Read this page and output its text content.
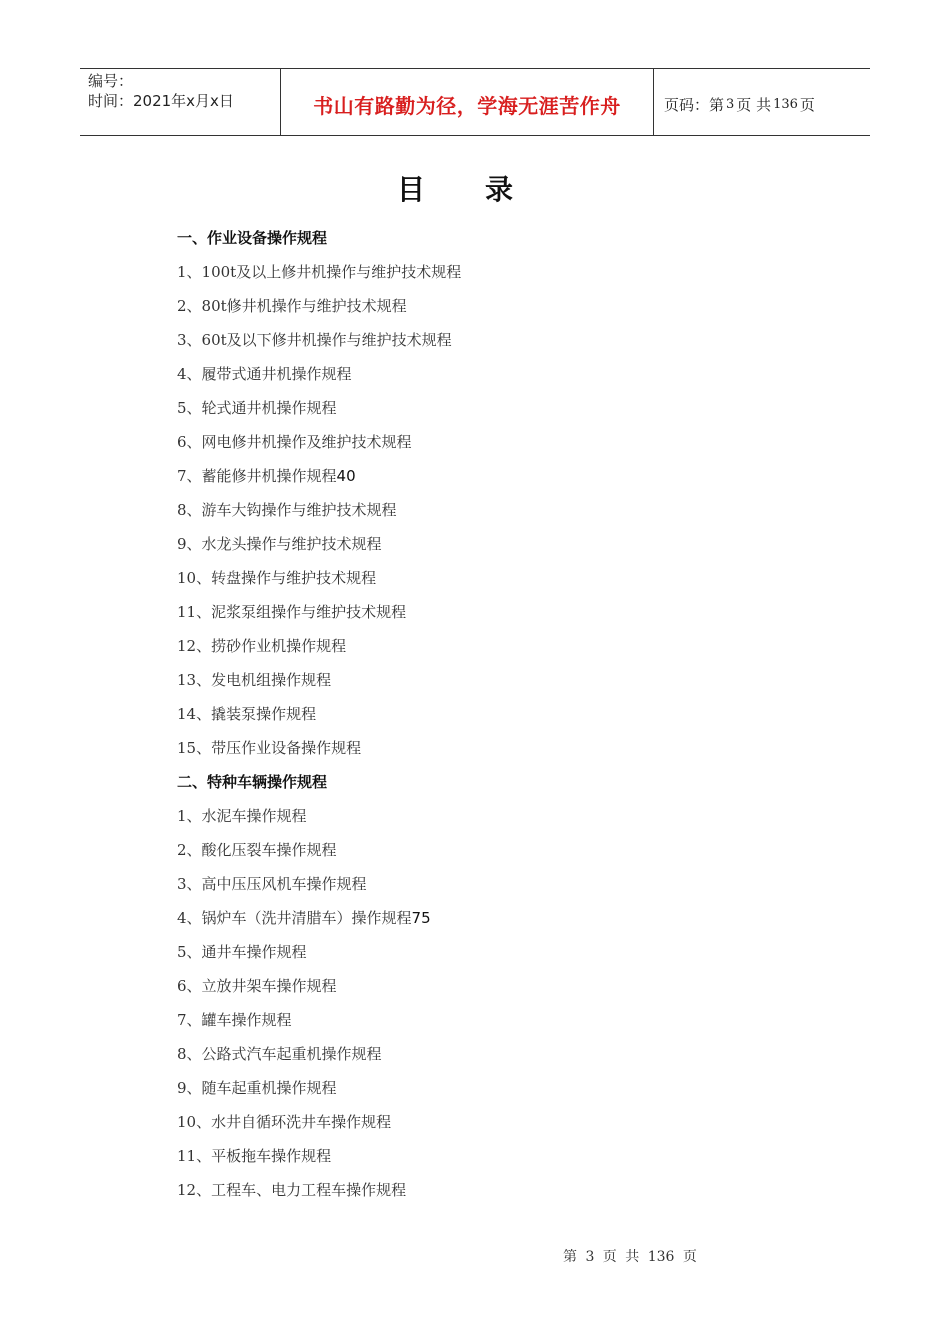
编号：
时间：2021年x月x日	书山有路勤为径，学海无涯苦作舟	页码：第 3 页 共 136 页
目录
一、作业设备操作规程
1、100t及以上修井机操作与维护技术规程
2、80t修井机操作与维护技术规程
3、60t及以下修井机操作与维护技术规程
4、履带式通井机操作规程
5、轮式通井机操作规程
6、网电修井机操作及维护技术规程
7、蓄能修井机操作规程40
8、游车大钩操作与维护技术规程
9、水龙头操作与维护技术规程
10、转盘操作与维护技术规程
11、泥浆泵组操作与维护技术规程
12、捞砂作业机操作规程
13、发电机组操作规程
14、撬装泵操作规程
15、带压作业设备操作规程
二、特种车辆操作规程
1、水泥车操作规程
2、酸化压裂车操作规程
3、高中压压风机车操作规程
4、锅炉车（洗井清腊车）操作规程75
5、通井车操作规程
6、立放井架车操作规程
7、罐车操作规程
8、公路式汽车起重机操作规程
9、随车起重机操作规程
10、水井自循环洗井车操作规程
11、平板拖车操作规程
12、工程车、电力工程车操作规程
第 3 页 共 136 页
